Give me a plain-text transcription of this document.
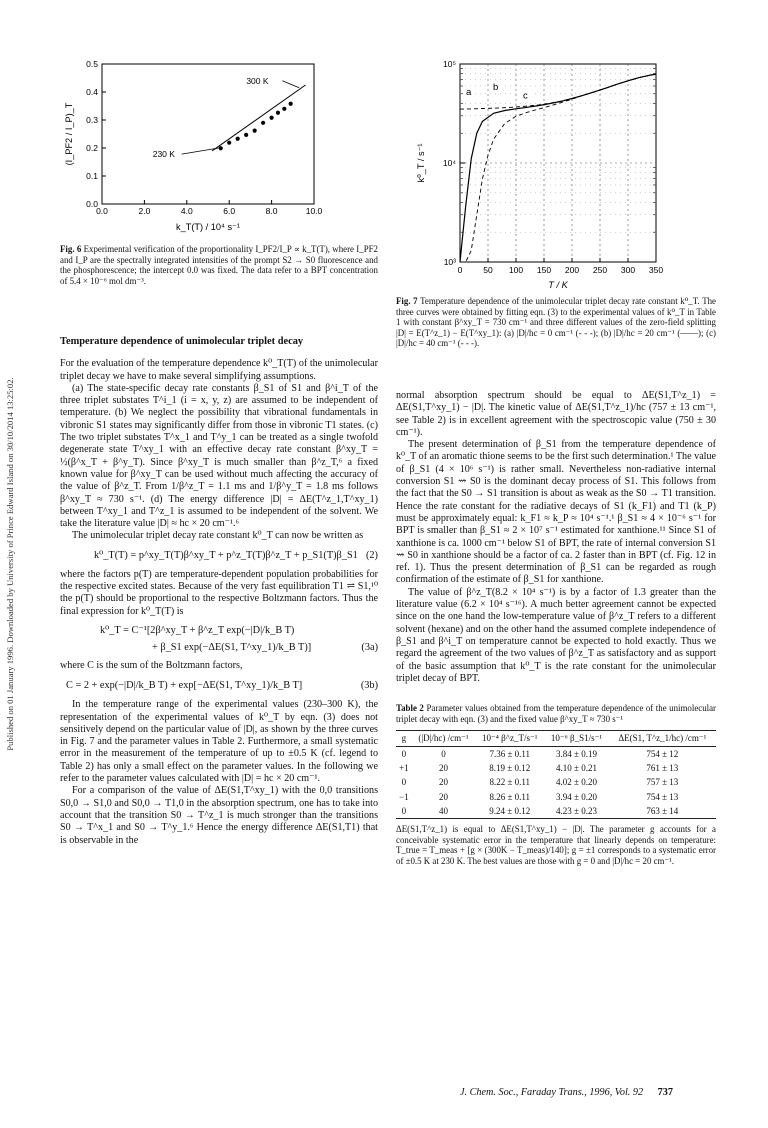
Published on 01 January 1996. Downloaded by University of Prince Edward Island on 30/10/2014 13:25:02.
0.0	2.0	4.0	6.0	8.0	10.0
0.0
0.1
0.2
0.3
0.4
0.5
300 K
230 K
k_T(T) / 10⁴ s⁻¹
(I_PF2 / I_P)_T
Fig. 6 Experimental verification of the proportionality I_PF2/I_P ∝ k_T(T), where I_PF2 and I_P are the spectrally integrated intensities of the prompt S2 → S0 fluorescence and the phosphorescence; the intercept 0.0 was fixed. The data refer to a BPT concentration of 5.4 × 10⁻⁶ mol dm⁻³.
0 50 100 150 200 250 300 350
10³
10⁴
10⁵
a b
c
T / K
k⁰_T / s⁻¹
Fig. 7 Temperature dependence of the unimolecular triplet decay rate constant k⁰_T. The three curves were obtained by fitting eqn. (3) to the experimental values of k⁰_T in Table 1 with constant β^xy_T = 730 cm⁻¹ and three different values of the zero-field splitting |D| = E(T^z_1) − E(T^xy_1): (a) |D|/hc = 0 cm⁻¹ (- - -); (b) |D|/hc = 20 cm⁻¹ (——); (c) |D|/hc = 40 cm⁻¹ (- - -).
Temperature dependence of unimolecular triplet decay

For the evaluation of the temperature dependence k⁰_T(T) of the unimolecular triplet decay we have to make several simplifying assumptions.

(a) The state-specific decay rate constants β_S1 of S1 and β^i_T of the three triplet substates T^i_1 (i = x, y, z) are assumed to be independent of temperature. (b) We neglect the possibility that vibrational fundamentals in vibronic S1 states may significantly differ from those in vibronic T1 states. (c) The two triplet substates T^x_1 and T^y_1 can be treated as a single twofold degenerate state T^xy_1 with an effective decay rate constant β^xy_T = ½(β^x_T + β^y_T). Since β^xy_T is much smaller than β^z_T,⁶ a fixed known value for β^xy_T can be used without much affecting the accuracy of the value of β^z_T. From 1/β^z_T = 1.1 ms and 1/β^y_T = 1.8 ms follows β^xy_T ≈ 730 s⁻¹. (d) The energy difference |D| = ΔE(T^z_1,T^xy_1) between T^xy_1 and T^z_1 is assumed to be independent of the solvent. We take the literature value |D| ≈ hc × 20 cm⁻¹.⁶

The unimolecular triplet decay rate constant k⁰_T can now be written as

k⁰_T(T) = p^xy_T(T)β^xy_T + p^z_T(T)β^z_T + p_S1(T)β_S1 (2)

where the factors p(T) are temperature-dependent population probabilities for the respective excited states. Because of the very fast equilibration T1 ⇌ S1,¹⁰ the p(T) should be proportional to the respective Boltzmann factors. Thus the final expression for k⁰_T(T) is

k⁰_T = C⁻¹[2β^xy_T + β^z_T exp(−|D|/k_B T)
+ β_S1 exp(−ΔE(S1, T^xy_1)/k_B T)]	(3a)

where C is the sum of the Boltzmann factors,

C = 2 + exp(−|D|/k_B T) + exp[−ΔE(S1, T^xy_1)/k_B T]	(3b)

In the temperature range of the experimental values (230–300 K), the representation of the experimental values of k⁰_T by eqn. (3) does not sensitively depend on the particular value of |D|, as shown by the three curves in Fig. 7 and the parameter values in Table 2. Furthermore, a small systematic error in the measurement of the temperature of up to ±0.5 K (cf. legend to Table 2) has only a small effect on the parameter values. In the following we refer to the parameter values calculated with |D| = hc × 20 cm⁻¹.

For a comparison of the value of ΔE(S1,T^xy_1) with the 0,0 transitions S0,0 → S1,0 and S0,0 → T1,0 in the absorption spectrum, one has to take into account that the transition S0 → T^z_1 is much stronger than the transitions S0 → T^x_1 and S0 → T^y_1.⁶ Hence the energy difference ΔE(S1,T1) that is observable in the

normal absorption spectrum should be equal to ΔE(S1,T^z_1) = ΔE(S1,T^xy_1) − |D|. The kinetic value of ΔE(S1,T^z_1)/hc (757 ± 13 cm⁻¹, see Table 2) is in excellent agreement with the spectroscopic value (750 ± 30 cm⁻¹).

The present determination of β_S1 from the temperature dependence of k⁰_T of an aromatic thione seems to be the first such determination.¹ The value of β_S1 (4 × 10⁶ s⁻¹) is rather small. Nevertheless non-radiative internal conversion S1 ⇝ S0 is the dominant decay process of S1. This follows from the fact that the S0 → S1 transition is about as weak as the S0 → T1 transition. Hence the rate constant for the radiative decays of S1 (k_F1) and T1 (k_P) must be approximately equal: k_F1 ≈ k_P ≈ 10⁴ s⁻¹.¹ β_S1 ≈ 4 × 10⁻⁶ s⁻¹ for BPT is smaller than β_S1 ≈ 2 × 10⁷ s⁻¹ estimated for xanthione.¹¹ Since S1 of xanthione is ca. 1000 cm⁻¹ below S1 of BPT, the rate of internal conversion S1 ⇝ S0 in xanthione should be a factor of ca. 2 faster than in BPT (cf. Fig. 12 in ref. 1). Thus the present determination of β_S1 can be regarded as rough confirmation of the estimate of β_S1 for xanthione.

The value of β^z_T(8.2 × 10⁴ s⁻¹) is by a factor of 1.3 greater than the literature value (6.2 × 10⁴ s⁻¹⁶). A much better agreement cannot be expected since on the one hand the low-temperature value of β^z_T refers to a different solvent (hexane) and on the other hand the assumed complete independence of β_S1 and β^i_T on temperature cannot be expected to hold exactly. Thus we regard the agreement of the two values of β^z_T as satisfactory and as support of the basic assumption that k⁰_T is the rate constant for the unimolecular triplet decay of BPT.

Table 2 Parameter values obtained from the temperature dependence of the unimolecular triplet decay with eqn. (3) and the fixed value β^xy_T ≈ 730 s⁻¹
g	(|D|/hc) /cm⁻¹	10⁻⁴ β^z_T/s⁻¹	10⁻⁶ β_S1/s⁻¹	ΔE(S1, T^z_1/hc) /cm⁻¹
0	0	7.36 ± 0.11	3.84 ± 0.19	754 ± 12
+1	20	8.19 ± 0.12	4.10 ± 0.21	761 ± 13
0	20	8.22 ± 0.11	4.02 ± 0.20	757 ± 13
−1	20	8.26 ± 0.11	3.94 ± 0.20	754 ± 13
0	40	9.24 ± 0.12	4.23 ± 0.23	763 ± 14
ΔE(S1,T^z_1) is equal to ΔE(S1,T^xy_1) − |D|. The parameter g accounts for a conceivable systematic error in the temperature that linearly depends on temperature: T_true = T_meas + [g × (300K − T_meas)/140]; g = ±1 corresponds to a systematic error of ±0.5 K at 230 K. The best values are those with g = 0 and |D|/hc = 20 cm⁻¹.
J. Chem. Soc., Faraday Trans., 1996, Vol. 92 737
